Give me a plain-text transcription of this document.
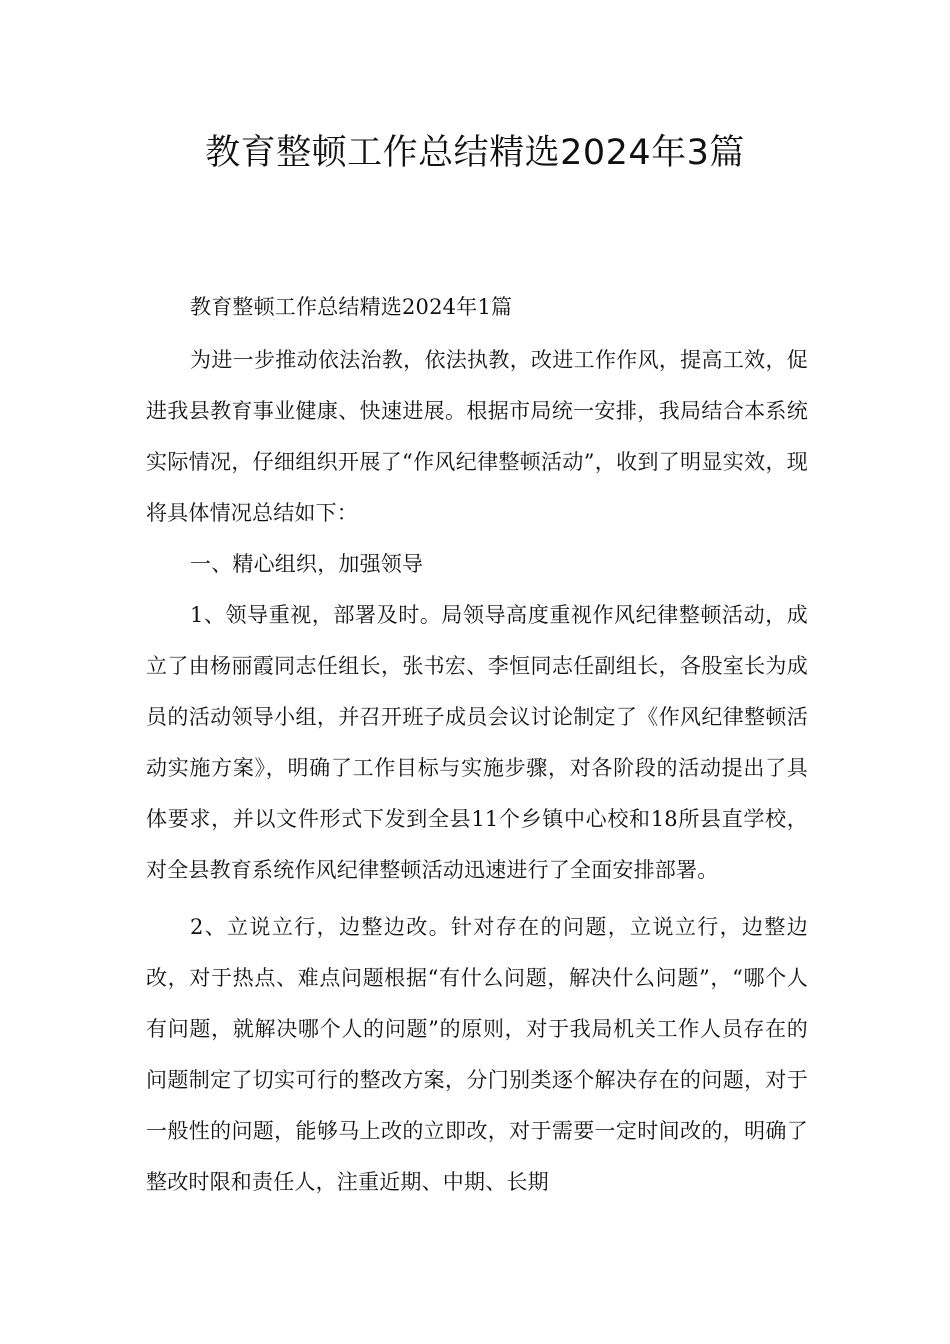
教育整顿工作总结精选2024年3篇

教育整顿工作总结精选2024年1篇

为进一步推动依法治教，依法执教，改进工作作风，提高工效，促进我县教育事业健康、快速进展。根据市局统一安排，我局结合本系统实际情况，仔细组织开展了“作风纪律整顿活动”，收到了明显实效，现将具体情况总结如下：

一、精心组织，加强领导

1、领导重视，部署及时。局领导高度重视作风纪律整顿活动，成立了由杨丽霞同志任组长，张书宏、李恒同志任副组长，各股室长为成员的活动领导小组，并召开班子成员会议讨论制定了《作风纪律整顿活动实施方案》，明确了工作目标与实施步骤，对各阶段的活动提出了具体要求，并以文件形式下发到全县11个乡镇中心校和18所县直学校，对全县教育系统作风纪律整顿活动迅速进行了全面安排部署。

2、立说立行，边整边改。针对存在的问题，立说立行，边整边改，对于热点、难点问题根据“有什么问题，解决什么问题”，“哪个人有问题，就解决哪个人的问题”的原则，对于我局机关工作人员存在的问题制定了切实可行的整改方案，分门别类逐个解决存在的问题，对于一般性的问题，能够马上改的立即改，对于需要一定时间改的，明确了整改时限和责任人，注重近期、中期、长期
